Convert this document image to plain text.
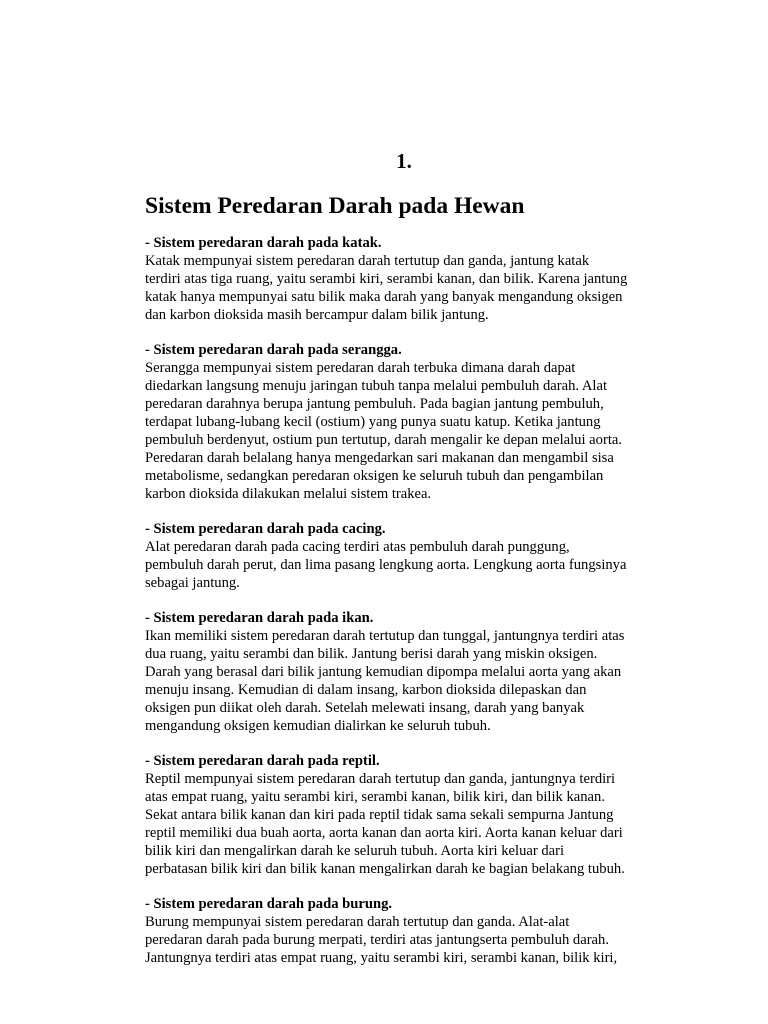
1.
Sistem Peredaran Darah pada Hewan
- Sistem peredaran darah pada katak.
Katak mempunyai sistem peredaran darah tertutup dan ganda, jantung katak
terdiri atas tiga ruang, yaitu serambi kiri, serambi kanan, dan bilik. Karena jantung
katak hanya mempunyai satu bilik maka darah yang banyak mengandung oksigen
dan karbon dioksida masih bercampur dalam bilik jantung.
- Sistem peredaran darah pada serangga.
Serangga mempunyai sistem peredaran darah terbuka dimana darah dapat
diedarkan langsung menuju jaringan tubuh tanpa melalui pembuluh darah. Alat
peredaran darahnya berupa jantung pembuluh. Pada bagian jantung pembuluh,
terdapat lubang-lubang kecil (ostium) yang punya suatu katup. Ketika jantung
pembuluh berdenyut, ostium pun tertutup, darah mengalir ke depan melalui aorta.
Peredaran darah belalang hanya mengedarkan sari makanan dan mengambil sisa
metabolisme, sedangkan peredaran oksigen ke seluruh tubuh dan pengambilan
karbon dioksida dilakukan melalui sistem trakea.
- Sistem peredaran darah pada cacing.
Alat peredaran darah pada cacing terdiri atas pembuluh darah punggung,
pembuluh darah perut, dan lima pasang lengkung aorta. Lengkung aorta fungsinya
sebagai jantung.
- Sistem peredaran darah pada ikan.
Ikan memiliki sistem peredaran darah tertutup dan tunggal, jantungnya terdiri atas
dua ruang, yaitu serambi dan bilik. Jantung berisi darah yang miskin oksigen.
Darah yang berasal dari bilik jantung kemudian dipompa melalui aorta yang akan
menuju insang. Kemudian di dalam insang, karbon dioksida dilepaskan dan
oksigen pun diikat oleh darah. Setelah melewati insang, darah yang banyak
mengandung oksigen kemudian dialirkan ke seluruh tubuh.
- Sistem peredaran darah pada reptil.
Reptil mempunyai sistem peredaran darah tertutup dan ganda, jantungnya terdiri
atas empat ruang, yaitu serambi kiri, serambi kanan, bilik kiri, dan bilik kanan.
Sekat antara bilik kanan dan kiri pada reptil tidak sama sekali sempurna Jantung
reptil memiliki dua buah aorta, aorta kanan dan aorta kiri. Aorta kanan keluar dari
bilik kiri dan mengalirkan darah ke seluruh tubuh. Aorta kiri keluar dari
perbatasan bilik kiri dan bilik kanan mengalirkan darah ke bagian belakang tubuh.
- Sistem peredaran darah pada burung.
Burung mempunyai sistem peredaran darah tertutup dan ganda. Alat-alat
peredaran darah pada burung merpati, terdiri atas jantungserta pembuluh darah.
Jantungnya terdiri atas empat ruang, yaitu serambi kiri, serambi kanan, bilik kiri,
